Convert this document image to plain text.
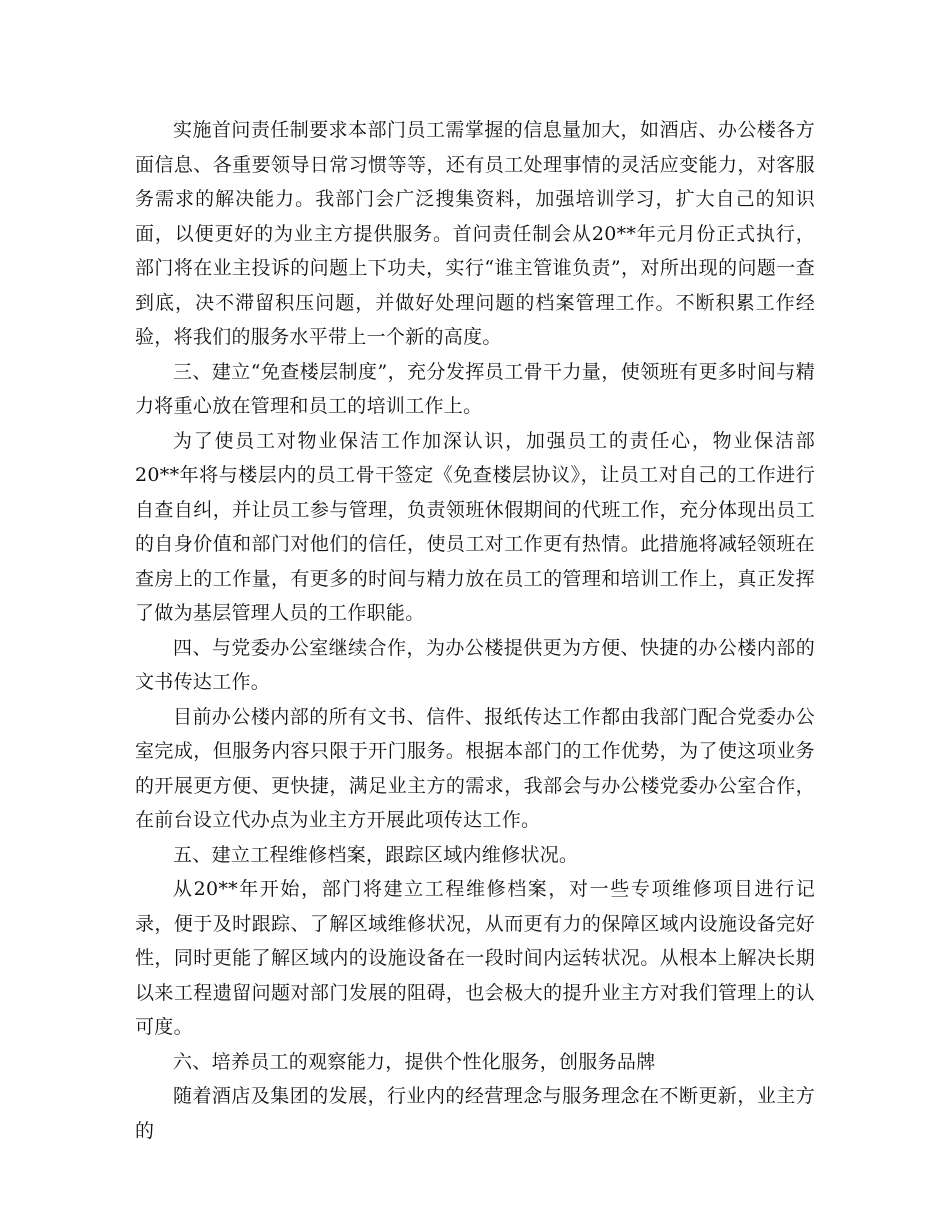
实施首问责任制要求本部门员工需掌握的信息量加大，如酒店、办公楼各方面信息、各重要领导日常习惯等等，还有员工处理事情的灵活应变能力，对客服务需求的解决能力。我部门会广泛搜集资料，加强培训学习，扩大自己的知识面，以便更好的为业主方提供服务。首问责任制会从20**年元月份正式执行，部门将在业主投诉的问题上下功夫，实行“谁主管谁负责”，对所出现的问题一查到底，决不滞留积压问题，并做好处理问题的档案管理工作。不断积累工作经验，将我们的服务水平带上一个新的高度。

三、建立“免查楼层制度”，充分发挥员工骨干力量，使领班有更多时间与精力将重心放在管理和员工的培训工作上。

为了使员工对物业保洁工作加深认识，加强员工的责任心，物业保洁部20**年将与楼层内的员工骨干签定《免查楼层协议》，让员工对自己的工作进行自查自纠，并让员工参与管理，负责领班休假期间的代班工作，充分体现出员工的自身价值和部门对他们的信任，使员工对工作更有热情。此措施将减轻领班在查房上的工作量，有更多的时间与精力放在员工的管理和培训工作上，真正发挥了做为基层管理人员的工作职能。

四、与党委办公室继续合作，为办公楼提供更为方便、快捷的办公楼内部的文书传达工作。

目前办公楼内部的所有文书、信件、报纸传达工作都由我部门配合党委办公室完成，但服务内容只限于开门服务。根据本部门的工作优势，为了使这项业务的开展更方便、更快捷，满足业主方的需求，我部会与办公楼党委办公室合作，在前台设立代办点为业主方开展此项传达工作。

五、建立工程维修档案，跟踪区域内维修状况。

从20**年开始，部门将建立工程维修档案，对一些专项维修项目进行记录，便于及时跟踪、了解区域维修状况，从而更有力的保障区域内设施设备完好性，同时更能了解区域内的设施设备在一段时间内运转状况。从根本上解决长期以来工程遗留问题对部门发展的阻碍，也会极大的提升业主方对我们管理上的认可度。

六、培养员工的观察能力，提供个性化服务，创服务品牌

随着酒店及集团的发展，行业内的经营理念与服务理念在不断更新，业主方的
